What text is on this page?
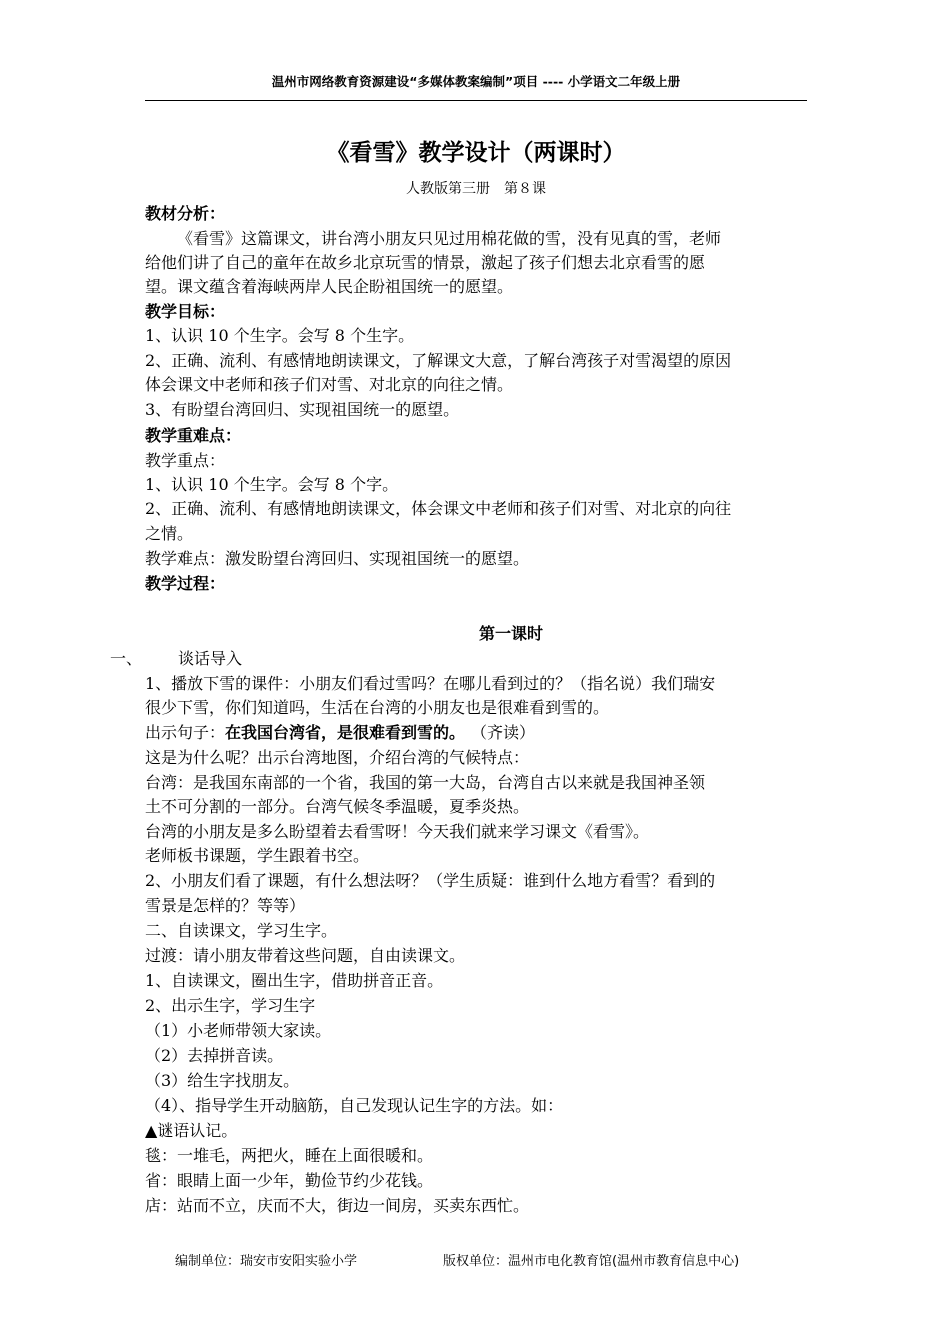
温州市网络教育资源建设“多媒体教案编制”项目 ---- 小学语文二年级上册
《看雪》教学设计（两课时）
人教版第三册　第８课
教材分析：
《看雪》这篇课文，讲台湾小朋友只见过用棉花做的雪，没有见真的雪，老师
给他们讲了自己的童年在故乡北京玩雪的情景，激起了孩子们想去北京看雪的愿
望。课文蕴含着海峡两岸人民企盼祖国统一的愿望。
教学目标：
1、认识 10 个生字。会写 8 个生字。
2、正确、流利、有感情地朗读课文，了解课文大意，了解台湾孩子对雪渴望的原因
体会课文中老师和孩子们对雪、对北京的向往之情。
3、有盼望台湾回归、实现祖国统一的愿望。
教学重难点：
教学重点：
1、认识 10 个生字。会写 8 个字。
2、正确、流利、有感情地朗读课文，体会课文中老师和孩子们对雪、对北京的向往
之情。
教学难点：激发盼望台湾回归、实现祖国统一的愿望。
教学过程：
第一课时
一、 谈话导入
1、播放下雪的课件：小朋友们看过雪吗？在哪儿看到过的？（指名说）我们瑞安
很少下雪，你们知道吗，生活在台湾的小朋友也是很难看到雪的。
出示句子：在我国台湾省，是很难看到雪的。 （齐读）
这是为什么呢？出示台湾地图，介绍台湾的气候特点：
台湾：是我国东南部的一个省，我国的第一大岛，台湾自古以来就是我国神圣领
土不可分割的一部分。台湾气候冬季温暖，夏季炎热。
台湾的小朋友是多么盼望着去看雪呀！今天我们就来学习课文《看雪》。
老师板书课题，学生跟着书空。
2、小朋友们看了课题，有什么想法呀？（学生质疑：谁到什么地方看雪？看到的
雪景是怎样的？等等）
二、自读课文，学习生字。
过渡：请小朋友带着这些问题，自由读课文。
1、自读课文，圈出生字，借助拼音正音。
2、出示生字，学习生字
（1）小老师带领大家读。
（2）去掉拼音读。
（3）给生字找朋友。
（4）、指导学生开动脑筋，自己发现认记生字的方法。如：
▲谜语认记。
毯：一堆毛，两把火，睡在上面很暖和。
省：眼睛上面一少年，勤俭节约少花钱。
店：站而不立，庆而不大，街边一间房，买卖东西忙。
编制单位：瑞安市安阳实验小学	版权单位：温州市电化教育馆(温州市教育信息中心)
